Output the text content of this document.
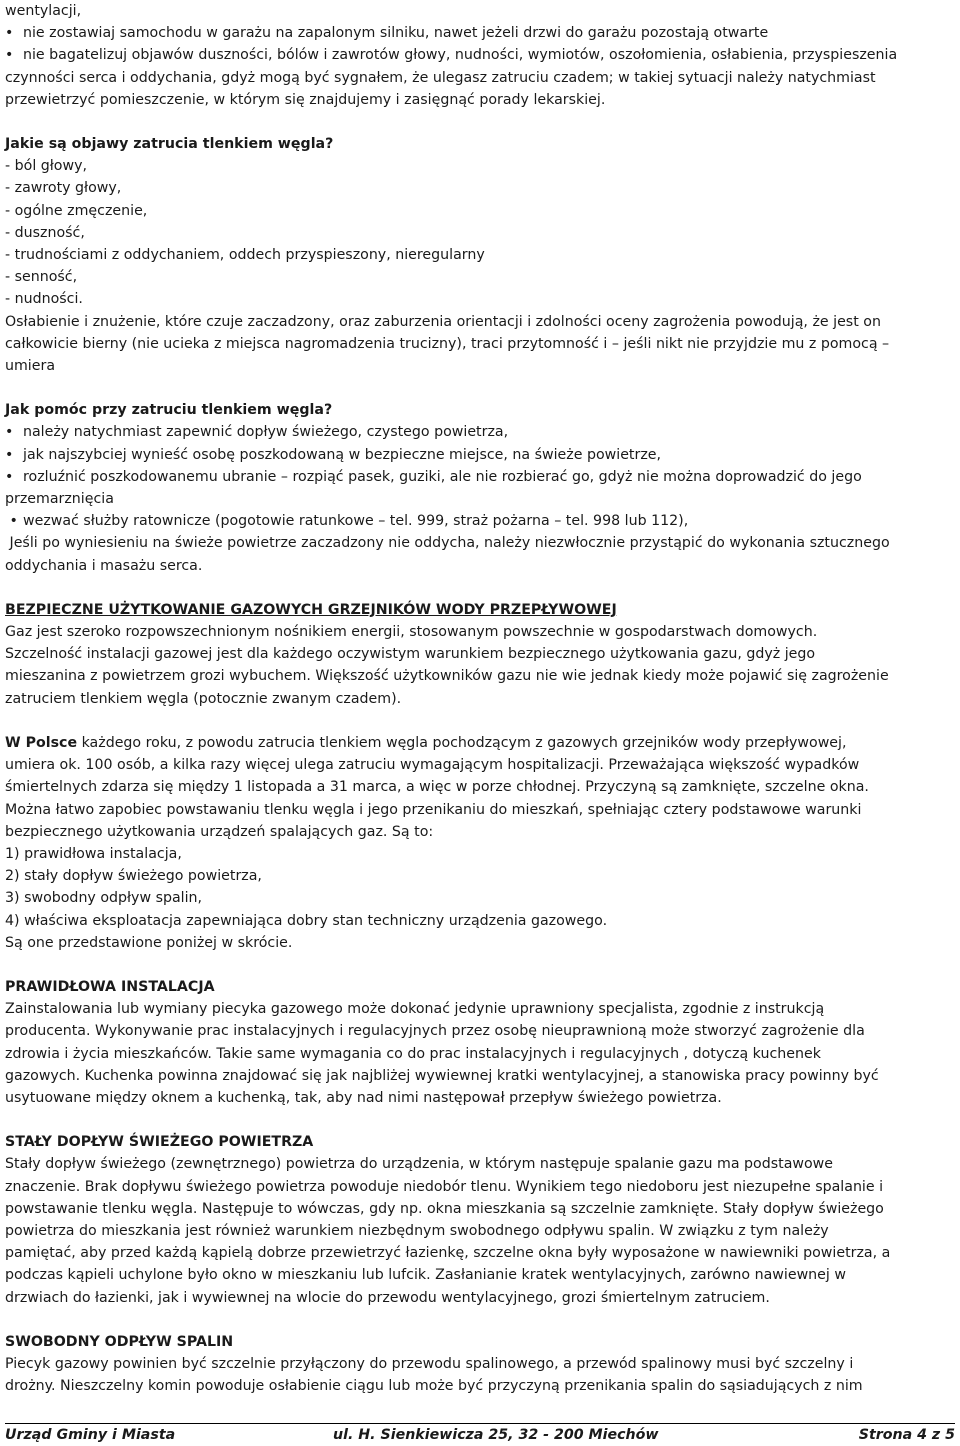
wentylacji,

• nie zostawiaj samochodu w garażu na zapalonym silniku, nawet jeżeli drzwi do garażu pozostają otwarte

• nie bagatelizuj objawów duszności, bólów i zawrotów głowy, nudności, wymiotów, oszołomienia, osłabienia, przyspieszenia

czynności serca i oddychania, gdyż mogą być sygnałem, że ulegasz zatruciu czadem; w takiej sytuacji należy natychmiast

przewietrzyć pomieszczenie, w którym się znajdujemy i zasięgnąć porady lekarskiej.

Jakie są objawy zatrucia tlenkiem węgla?

- ból głowy,

- zawroty głowy,

- ogólne zmęczenie,

- duszność,

- trudnościami z oddychaniem, oddech przyspieszony, nieregularny

- senność,

- nudności.

Osłabienie i znużenie, które czuje zaczadzony, oraz zaburzenia orientacji i zdolności oceny zagrożenia powodują, że jest on

całkowicie bierny (nie ucieka z miejsca nagromadzenia trucizny), traci przytomność i – jeśli nikt nie przyjdzie mu z pomocą –

umiera

Jak pomóc przy zatruciu tlenkiem węgla?

• należy natychmiast zapewnić dopływ świeżego, czystego powietrza,

• jak najszybciej wynieść osobę poszkodowaną w bezpieczne miejsce, na świeże powietrze,

• rozluźnić poszkodowanemu ubranie – rozpiąć pasek, guziki, ale nie rozbierać go, gdyż nie można doprowadzić do jego

przemarznięcia

• wezwać służby ratownicze (pogotowie ratunkowe – tel. 999, straż pożarna – tel. 998 lub 112),

Jeśli po wyniesieniu na świeże powietrze zaczadzony nie oddycha, należy niezwłocznie przystąpić do wykonania sztucznego

oddychania i masażu serca.

BEZPIECZNE UŻYTKOWANIE GAZOWYCH GRZEJNIKÓW WODY PRZEPŁYWOWEJ

Gaz jest szeroko rozpowszechnionym nośnikiem energii, stosowanym powszechnie w gospodarstwach domowych.

Szczelność instalacji gazowej jest dla każdego oczywistym warunkiem bezpiecznego użytkowania gazu, gdyż jego

mieszanina z powietrzem grozi wybuchem. Większość użytkowników gazu nie wie jednak kiedy może pojawić się zagrożenie

zatruciem tlenkiem węgla (potocznie zwanym czadem).

W Polsce każdego roku, z powodu zatrucia tlenkiem węgla pochodzącym z gazowych grzejników wody przepływowej,

umiera ok. 100 osób, a kilka razy więcej ulega zatruciu wymagającym hospitalizacji. Przeważająca większość wypadków

śmiertelnych zdarza się między 1 listopada a 31 marca, a więc w porze chłodnej. Przyczyną są zamknięte, szczelne okna.

Można łatwo zapobiec powstawaniu tlenku węgla i jego przenikaniu do mieszkań, spełniając cztery podstawowe warunki

bezpiecznego użytkowania urządzeń spalających gaz. Są to:

1) prawidłowa instalacja,

2) stały dopływ świeżego powietrza,

3) swobodny odpływ spalin,

4) właściwa eksploatacja zapewniająca dobry stan techniczny urządzenia gazowego.

Są one przedstawione poniżej w skrócie.

PRAWIDŁOWA INSTALACJA

Zainstalowania lub wymiany piecyka gazowego może dokonać jedynie uprawniony specjalista, zgodnie z instrukcją

producenta. Wykonywanie prac instalacyjnych i regulacyjnych przez osobę nieuprawnioną może stworzyć zagrożenie dla

zdrowia i życia mieszkańców. Takie same wymagania co do prac instalacyjnych i regulacyjnych , dotyczą kuchenek

gazowych. Kuchenka powinna znajdować się jak najbliżej wywiewnej kratki wentylacyjnej, a stanowiska pracy powinny być

usytuowane między oknem a kuchenką, tak, aby nad nimi następował przepływ świeżego powietrza.

STAŁY DOPŁYW ŚWIEŻEGO POWIETRZA

Stały dopływ świeżego (zewnętrznego) powietrza do urządzenia, w którym następuje spalanie gazu ma podstawowe

znaczenie. Brak dopływu świeżego powietrza powoduje niedobór tlenu. Wynikiem tego niedoboru jest niezupełne spalanie i

powstawanie tlenku węgla. Następuje to wówczas, gdy np. okna mieszkania są szczelnie zamknięte. Stały dopływ świeżego

powietrza do mieszkania jest również warunkiem niezbędnym swobodnego odpływu spalin. W związku z tym należy

pamiętać, aby przed każdą kąpielą dobrze przewietrzyć łazienkę, szczelne okna były wyposażone w nawiewniki powietrza, a

podczas kąpieli uchylone było okno w mieszkaniu lub lufcik. Zasłanianie kratek wentylacyjnych, zarówno nawiewnej w

drzwiach do łazienki, jak i wywiewnej na wlocie do przewodu wentylacyjnego, grozi śmiertelnym zatruciem.

SWOBODNY ODPŁYW SPALIN

Piecyk gazowy powinien być szczelnie przyłączony do przewodu spalinowego, a przewód spalinowy musi być szczelny i

drożny. Nieszczelny komin powoduje osłabienie ciągu lub może być przyczyną przenikania spalin do sąsiadujących z nim

Urząd Gminy i Miasta	ul. H. Sienkiewicza 25, 32 - 200 Miechów	Strona 4 z 5
